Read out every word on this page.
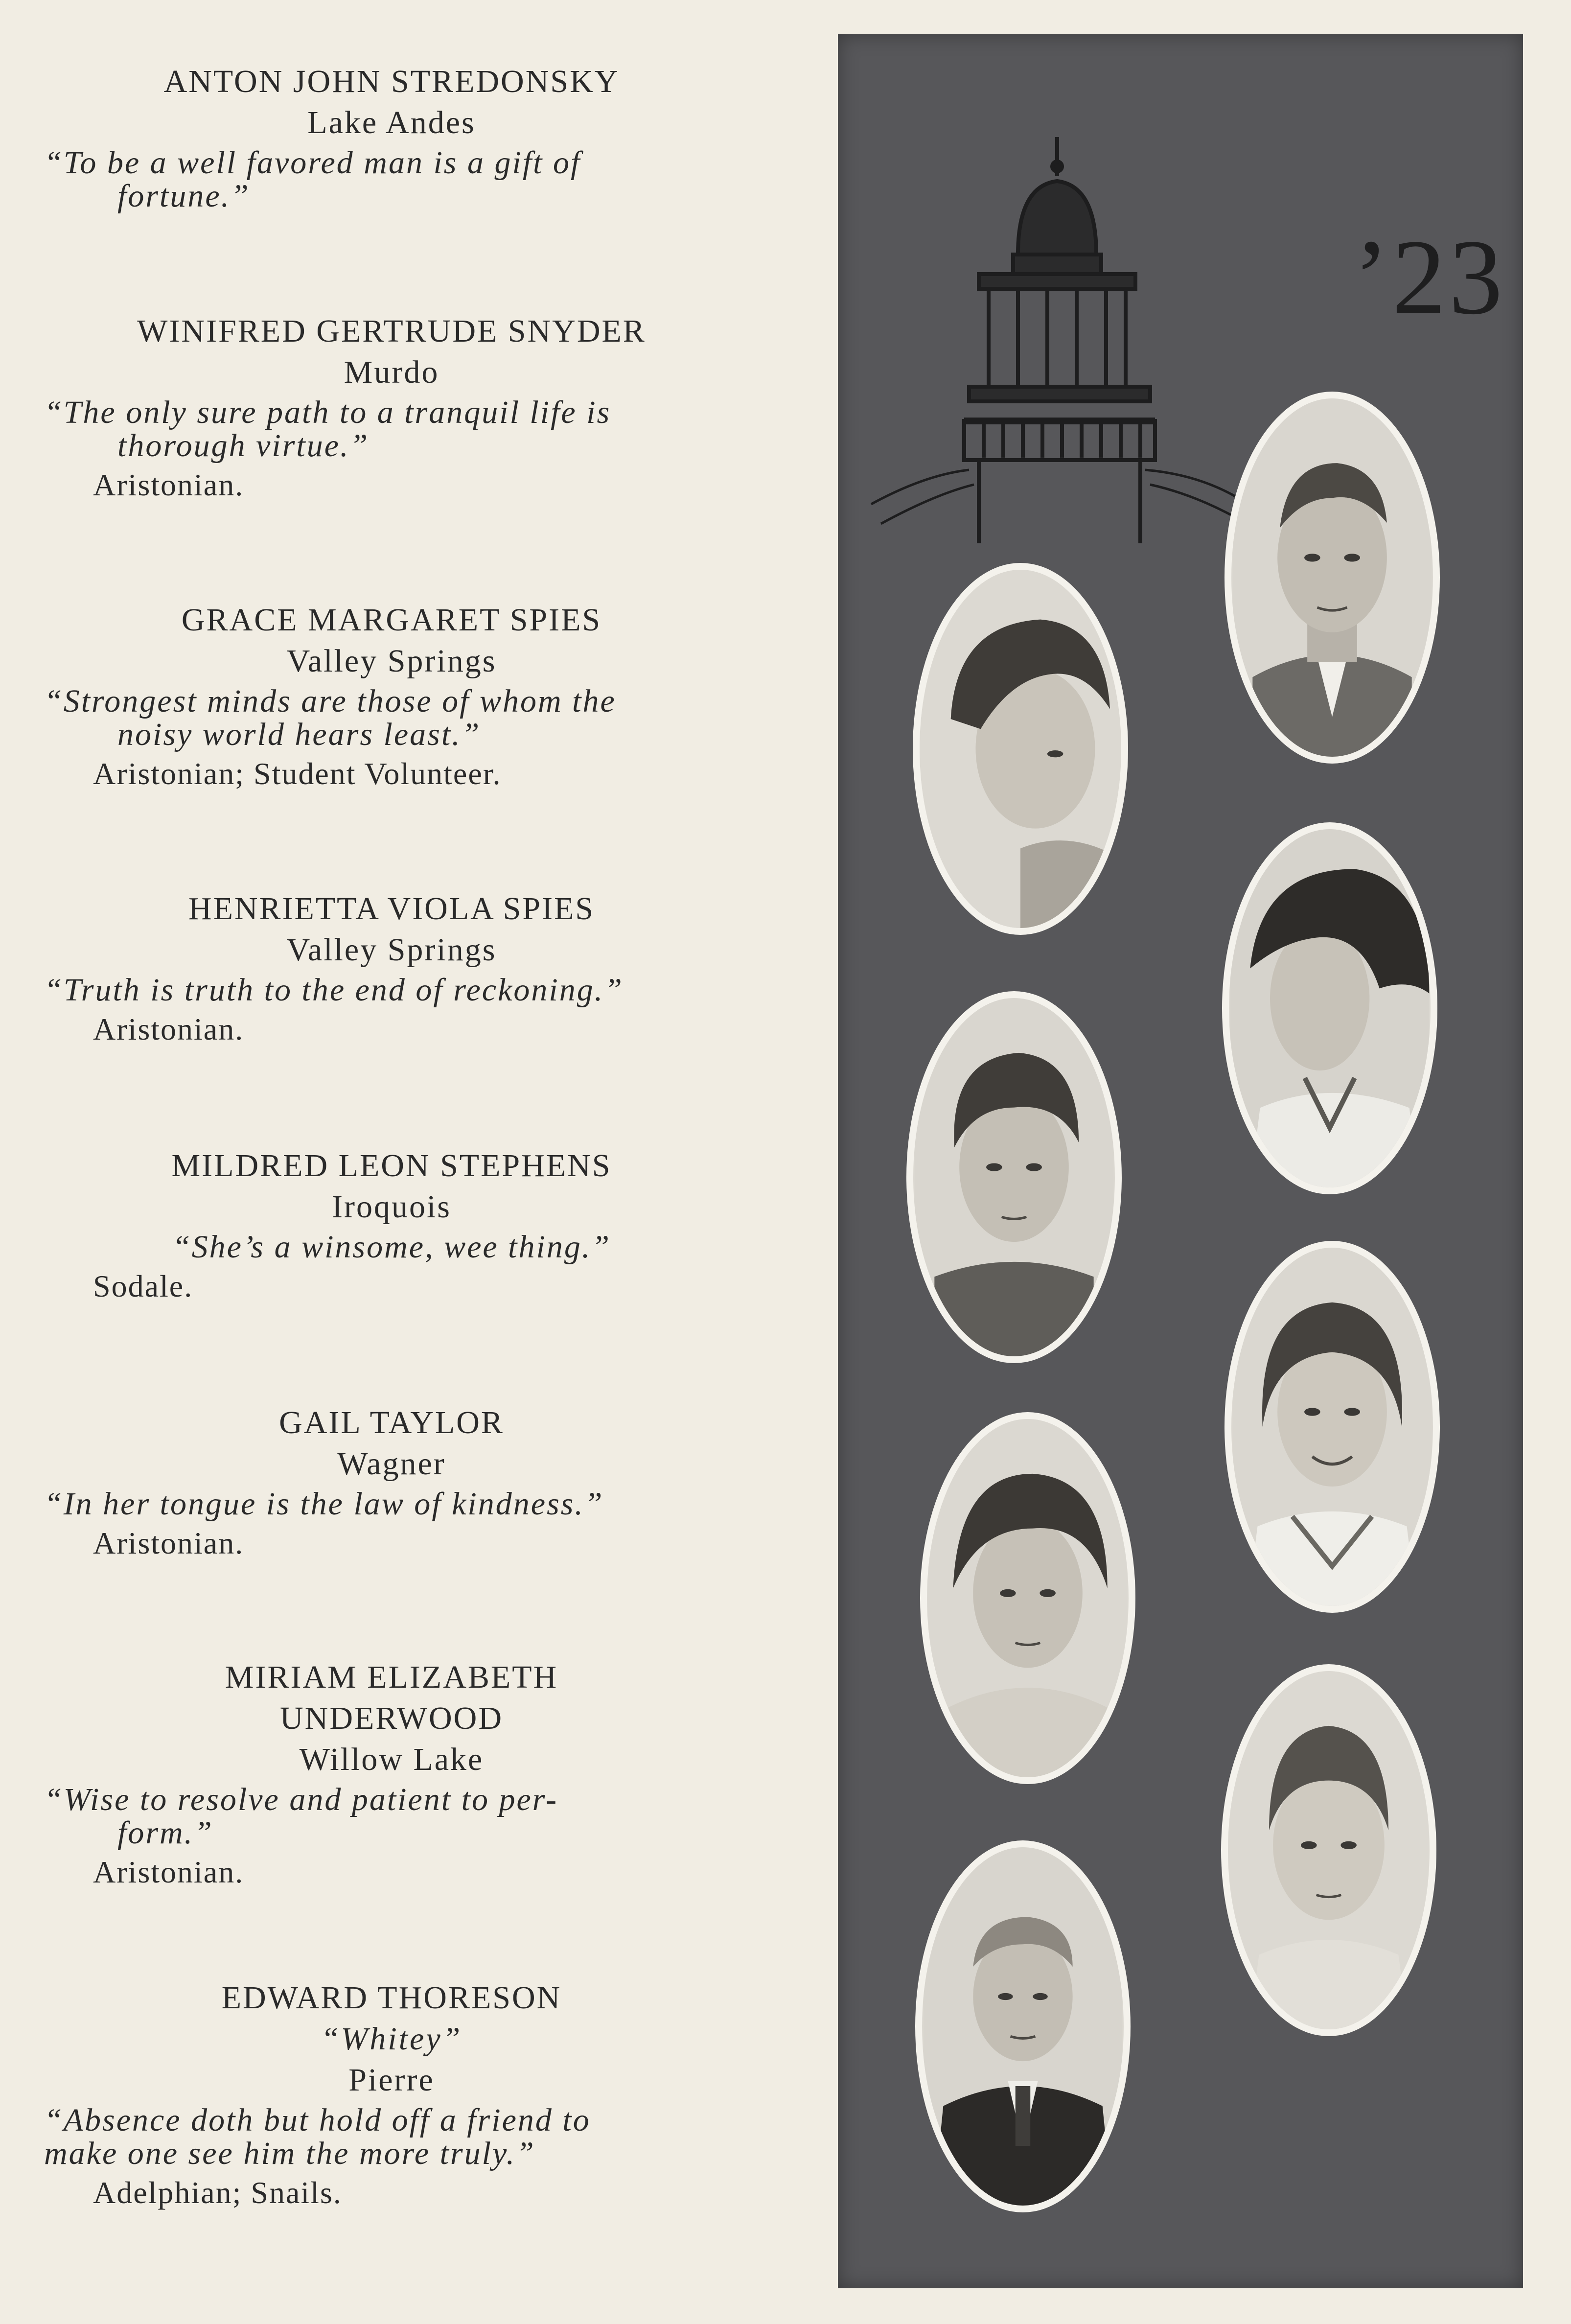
ANTON JOHN STREDONSKY

Lake Andes

“To be a well favored man is a gift of
fortune.”

WINIFRED GERTRUDE SNYDER

Murdo

“The only sure path to a tranquil life is
thorough virtue.”

Aristonian.

GRACE MARGARET SPIES

Valley Springs

“Strongest minds are those of whom the
noisy world hears least.”

Aristonian; Student Volunteer.

HENRIETTA VIOLA SPIES

Valley Springs

“Truth is truth to the end of reckoning.”

Aristonian.

MILDRED LEON STEPHENS

Iroquois

“She’s a winsome, wee thing.”

Sodale.

GAIL TAYLOR

Wagner

“In her tongue is the law of kindness.”

Aristonian.

MIRIAM ELIZABETH

UNDERWOOD

Willow Lake

“Wise to resolve and patient to per-
form.”

Aristonian.

EDWARD THORESON

“Whitey”

Pierre

“Absence doth but hold off a friend to
make one see him the more truly.”

Adelphian; Snails.

’23
